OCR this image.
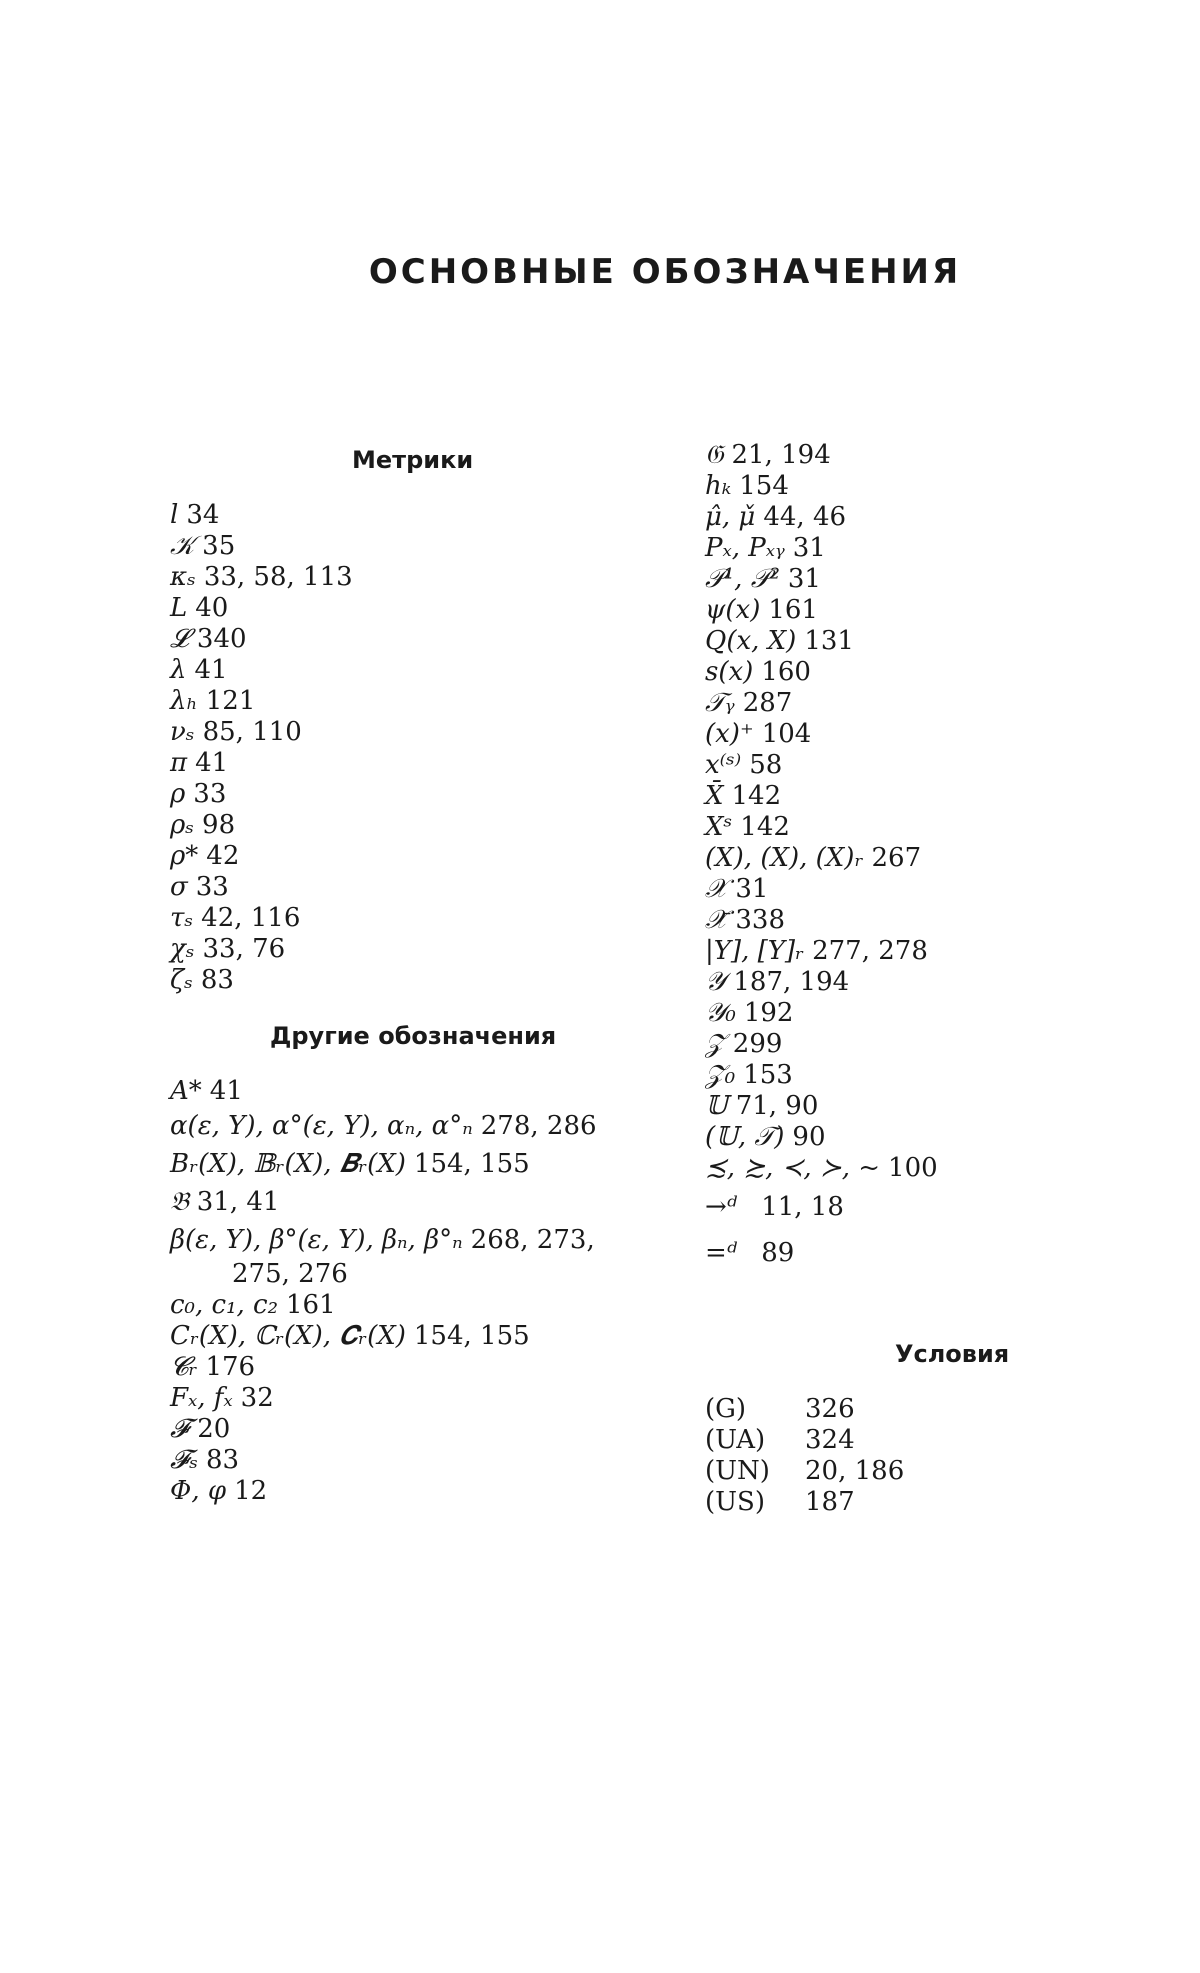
ОСНОВНЫЕ ОБОЗНАЧЕНИЯ
Метрики
l 34
𝒦 35
κₛ 33, 58, 113
L 40
𝓛 340
λ 41
λₕ 121
νₛ 85, 110
π 41
ρ 33
ρₛ 98
ρ* 42
σ 33
τₛ 42, 116
χₛ 33, 76
ζₛ 83
Другие обозначения
A* 41
α(ε, Y), α°(ε, Y), αₙ, α°ₙ 278, 286
Bᵣ(X), 𝔹ᵣ(X), 𝑩ᵣ(X) 154, 155
𝔅 31, 41
β(ε, Y), β°(ε, Y), βₙ, β°ₙ 268, 273,
275, 276
c₀, c₁, c₂ 161
Cᵣ(X), ℂᵣ(X), 𝑪ᵣ(X) 154, 155
𝓒ᵣ 176
Fₓ, fₓ 32
𝓕 20
𝓕ₛ 83
Φ, φ 12
𝔊 21, 194
hₖ 154
μ̂, μ̌ 44, 46
Pₓ, Pₓᵧ 31
𝒫¹, 𝒫² 31
ψ(x) 161
Q(x, X) 131
s(x) 160
𝒯ᵧ 287
(x)⁺ 104
x⁽ˢ⁾ 58
X̄ 142
Xˢ 142
(X), (X), (X)ᵣ 267
𝒳 31
𝒳̄ 338
|Y], [Y]ᵣ 277, 278
𝒴 187, 194
𝒴₀ 192
𝒵 299
𝒵₀ 153
𝕌 71, 90
(𝕌, 𝒯) 90
≾, ≿, ≺, ≻, ~ 100
→ᵈ 11, 18
=ᵈ 89
Условия
(G) 326
(UA) 324
(UN) 20, 186
(US) 187
